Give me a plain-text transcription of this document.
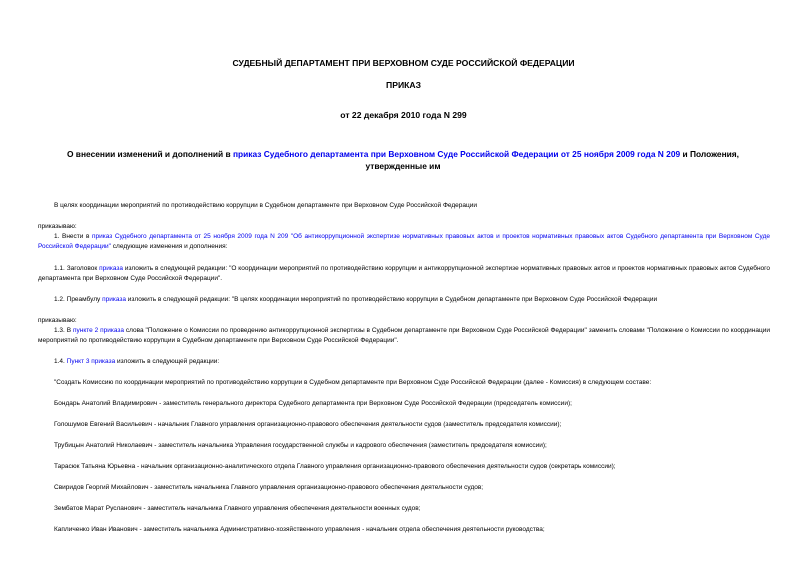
СУДЕБНЫЙ ДЕПАРТАМЕНТ ПРИ ВЕРХОВНОМ СУДЕ РОССИЙСКОЙ ФЕДЕРАЦИИ
ПРИКАЗ
от 22 декабря 2010 года N 299
О внесении изменений и дополнений в приказ Судебного департамента при Верховном Суде Российской Федерации от 25 ноября 2009 года N 209 и Положения, утвержденные им
В целях координации мероприятий по противодействию коррупции в Судебном департаменте при Верховном Суде Российской Федерации
приказываю:
1. Внести в приказ Судебного департамента от 25 ноября 2009 года N 209 "Об антикоррупционной экспертизе нормативных правовых актов и проектов нормативных правовых актов Судебного департамента при Верховном Суде Российской Федерации" следующие изменения и дополнения:
1.1. Заголовок приказа изложить в следующей редакции: "О координации мероприятий по противодействию коррупции и антикоррупционной экспертизе нормативных правовых актов и проектов нормативных правовых актов Судебного департамента при Верховном Суде Российской Федерации".
1.2. Преамбулу приказа изложить в следующей редакции: "В целях координации мероприятий по противодействию коррупции в Судебном департаменте при Верховном Суде Российской Федерации
приказываю:
1.3. В пункте 2 приказа слова "Положение о Комиссии по проведению антикоррупционной экспертизы в Судебном департаменте при Верховном Суде Российской Федерации" заменить словами "Положение о Комиссии по координации мероприятий по противодействию коррупции в Судебном департаменте при Верховном Суде Российской Федерации".
1.4. Пункт 3 приказа изложить в следующей редакции:
"Создать Комиссию по координации мероприятий по противодействию коррупции в Судебном департаменте при Верховном Суде Российской Федерации (далее - Комиссия) в следующем составе:
Бондарь Анатолий Владимирович - заместитель генерального директора Судебного департамента при Верховном Суде Российской Федерации (председатель комиссии);
Голошумов Евгений Васильевич - начальник Главного управления организационно-правового обеспечения деятельности судов (заместитель председателя комиссии);
Трубицын Анатолий Николаевич - заместитель начальника Управления государственной службы и кадрового обеспечения (заместитель председателя комиссии);
Тарасюк Татьяна Юрьевна - начальник организационно-аналитического отдела Главного управления организационно-правового обеспечения деятельности судов (секретарь комиссии);
Свиридов Георгий Михайлович - заместитель начальника Главного управления организационно-правового обеспечения деятельности судов;
Зембатов Марат Русланович - заместитель начальника Главного управления обеспечения деятельности военных судов;
Капличенко Иван Иванович - заместитель начальника Административно-хозяйственного управления - начальник отдела обеспечения деятельности руководства;
